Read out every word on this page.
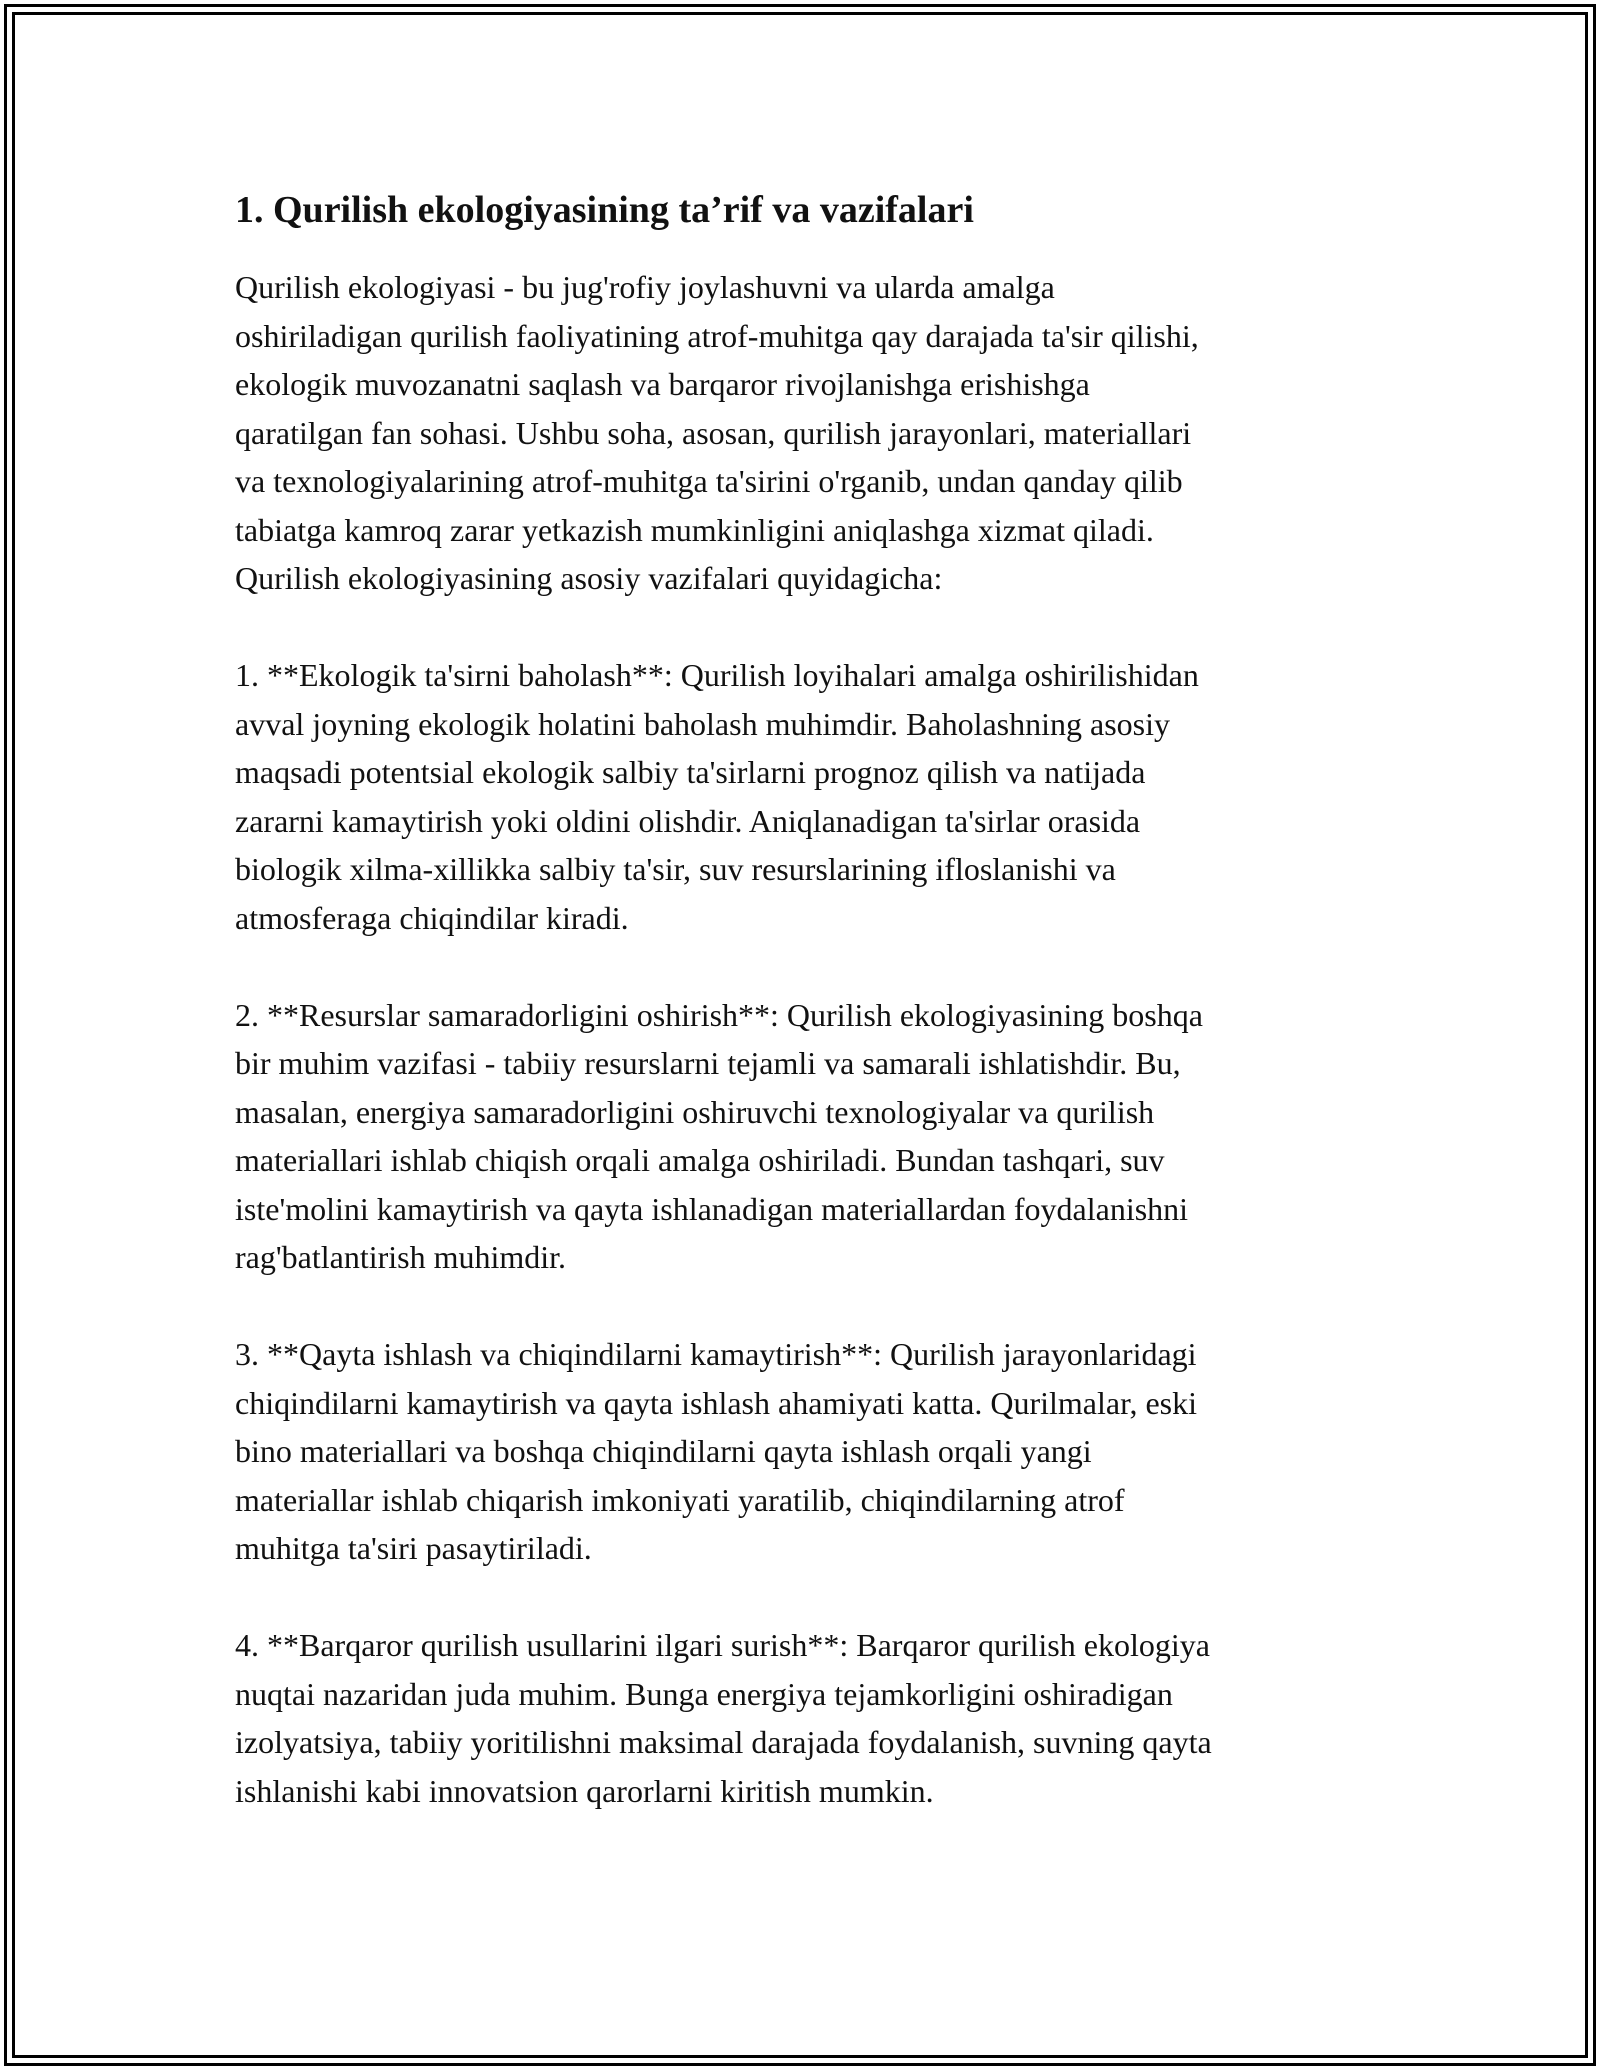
1. Qurilish ekologiyasining ta’rif va vazifalari
Qurilish ekologiyasi - bu jug'rofiy joylashuvni va ularda amalga
oshiriladigan qurilish faoliyatining atrof-muhitga qay darajada ta'sir qilishi,
ekologik muvozanatni saqlash va barqaror rivojlanishga erishishga
qaratilgan fan sohasi. Ushbu soha, asosan, qurilish jarayonlari, materiallari
va texnologiyalarining atrof-muhitga ta'sirini o'rganib, undan qanday qilib
tabiatga kamroq zarar yetkazish mumkinligini aniqlashga xizmat qiladi.
Qurilish ekologiyasining asosiy vazifalari quyidagicha:
1. **Ekologik ta'sirni baholash**: Qurilish loyihalari amalga oshirilishidan
avval joyning ekologik holatini baholash muhimdir. Baholashning asosiy
maqsadi potentsial ekologik salbiy ta'sirlarni prognoz qilish va natijada
zararni kamaytirish yoki oldini olishdir. Aniqlanadigan ta'sirlar orasida
biologik xilma-xillikka salbiy ta'sir, suv resurslarining ifloslanishi va
atmosferaga chiqindilar kiradi.
2. **Resurslar samaradorligini oshirish**: Qurilish ekologiyasining boshqa
bir muhim vazifasi - tabiiy resurslarni tejamli va samarali ishlatishdir. Bu,
masalan, energiya samaradorligini oshiruvchi texnologiyalar va qurilish
materiallari ishlab chiqish orqali amalga oshiriladi. Bundan tashqari, suv
iste'molini kamaytirish va qayta ishlanadigan materiallardan foydalanishni
rag'batlantirish muhimdir.
3. **Qayta ishlash va chiqindilarni kamaytirish**: Qurilish jarayonlaridagi
chiqindilarni kamaytirish va qayta ishlash ahamiyati katta. Qurilmalar, eski
bino materiallari va boshqa chiqindilarni qayta ishlash orqali yangi
materiallar ishlab chiqarish imkoniyati yaratilib, chiqindilarning atrof
muhitga ta'siri pasaytiriladi.
4. **Barqaror qurilish usullarini ilgari surish**: Barqaror qurilish ekologiya
nuqtai nazaridan juda muhim. Bunga energiya tejamkorligini oshiradigan
izolyatsiya, tabiiy yoritilishni maksimal darajada foydalanish, suvning qayta
ishlanishi kabi innovatsion qarorlarni kiritish mumkin.
